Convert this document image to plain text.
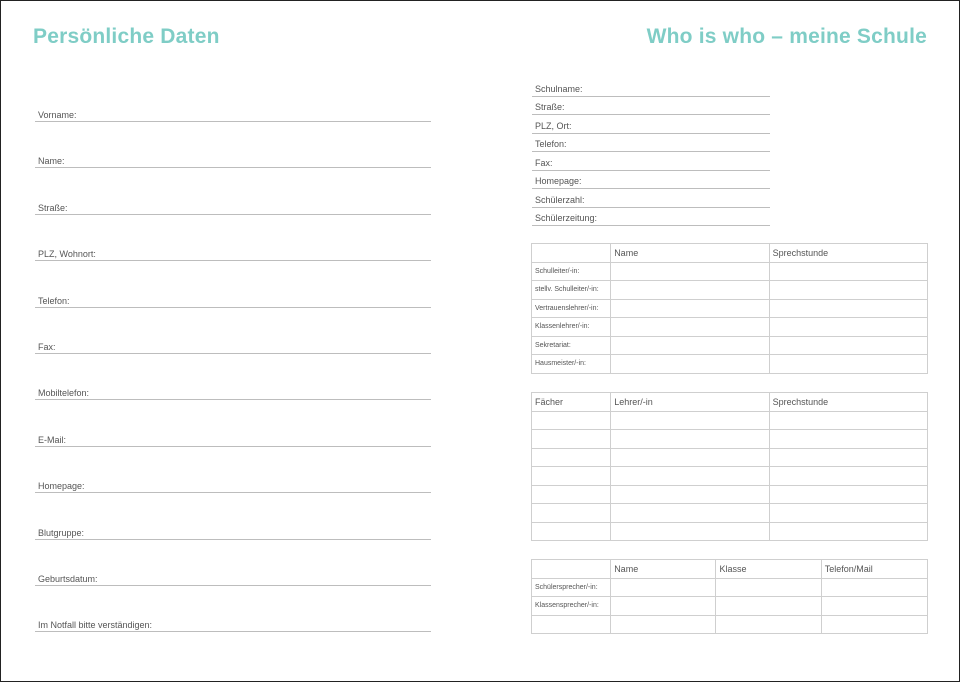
Persönliche Daten	Who is who – meine Schule
Vorname:
Name:
Straße:
PLZ, Wohnort:
Telefon:
Fax:
Mobiltelefon:
E-Mail:
Homepage:
Blutgruppe:
Geburtsdatum:
Im Notfall bitte verständigen:
Schulname:
Straße:
PLZ, Ort:
Telefon:
Fax:
Homepage:
Schülerzahl:
Schülerzeitung:
	Name	Sprechstunde
Schulleiter/-in:		
stellv. Schulleiter/-in:		
Vertrauenslehrer/-in:		
Klassenlehrer/-in:		
Sekretariat:		
Hausmeister/-in:		
Fächer	Lehrer/-in	Sprechstunde

	Name	Klasse	Telefon/Mail
Schülersprecher/-in:			
Klassensprecher/-in:			
